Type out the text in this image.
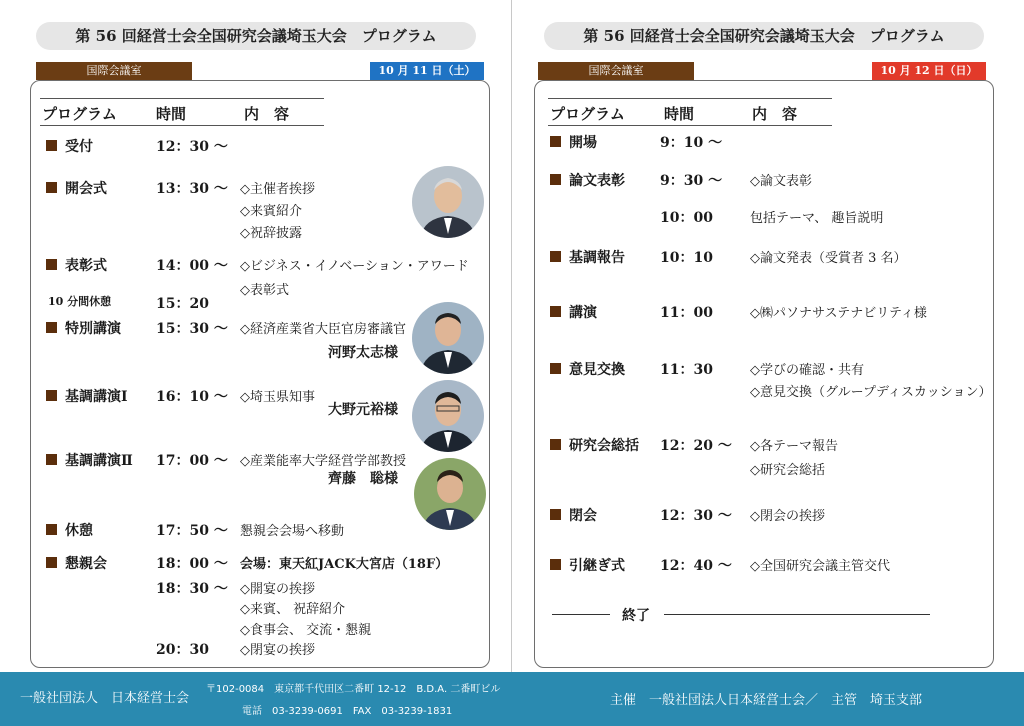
第 56 回経営士会全国研究会議埼玉大会　プログラム
国際会議室	10 月 11 日（土）
プログラム	時間	内　容
第 56 回経営士会全国研究会議埼玉大会　プログラム
国際会議室	10 月 12 日（日）
プログラム	時間	内　容
受付	12：30 〜
開会式	13：30 〜 ◇主催者挨拶
◇来賓紹介
◇祝辞披露
表彰式	14：00 〜 ◇ビジネス・イノベーション・アワード
◇表彰式
10 分間休憩	15：20
特別講演	15：30 〜 ◇経済産業省大臣官房審議官
河野太志様
基調講演Ⅰ 16：10 〜 ◇埼玉県知事
大野元裕様
基調講演Ⅱ 17：00 〜 ◇産業能率大学経営学部教授
齊藤　聡様
休憩	17：50 〜 懇親会会場へ移動
懇親会	18：00 〜 会場：東天紅JACK大宮店（18F）
18：30 〜 ◇開宴の挨拶
◇来賓、 祝辞紹介
◇食事会、 交流・懇親
20：30 ◇閉宴の挨拶
開場	9：10 〜
論文表彰	9：30 〜 ◇論文表彰
10：00	包括テーマ、 趣旨説明
基調報告	10：10	◇論文発表（受賞者 3 名）
講演	11：00	◇㈱パソナサステナビリティ様
意見交換	11：30	◇学びの確認・共有
◇意見交換（グループディスカッション）
研究会総括 12：20 〜 ◇各テーマ報告
◇研究会総括
閉会	12：30 〜 ◇閉会の挨拶
引継ぎ式	12：40 〜 ◇全国研究会議主管交代
終了
一般社団法人　日本経営士会
〒102-0084　東京都千代田区二番町 12-12　B.D.A. 二番町ビル
電話　03-3239-0691　FAX　03-3239-1831
主催　一般社団法人日本経営士会／　主管　埼玉支部
